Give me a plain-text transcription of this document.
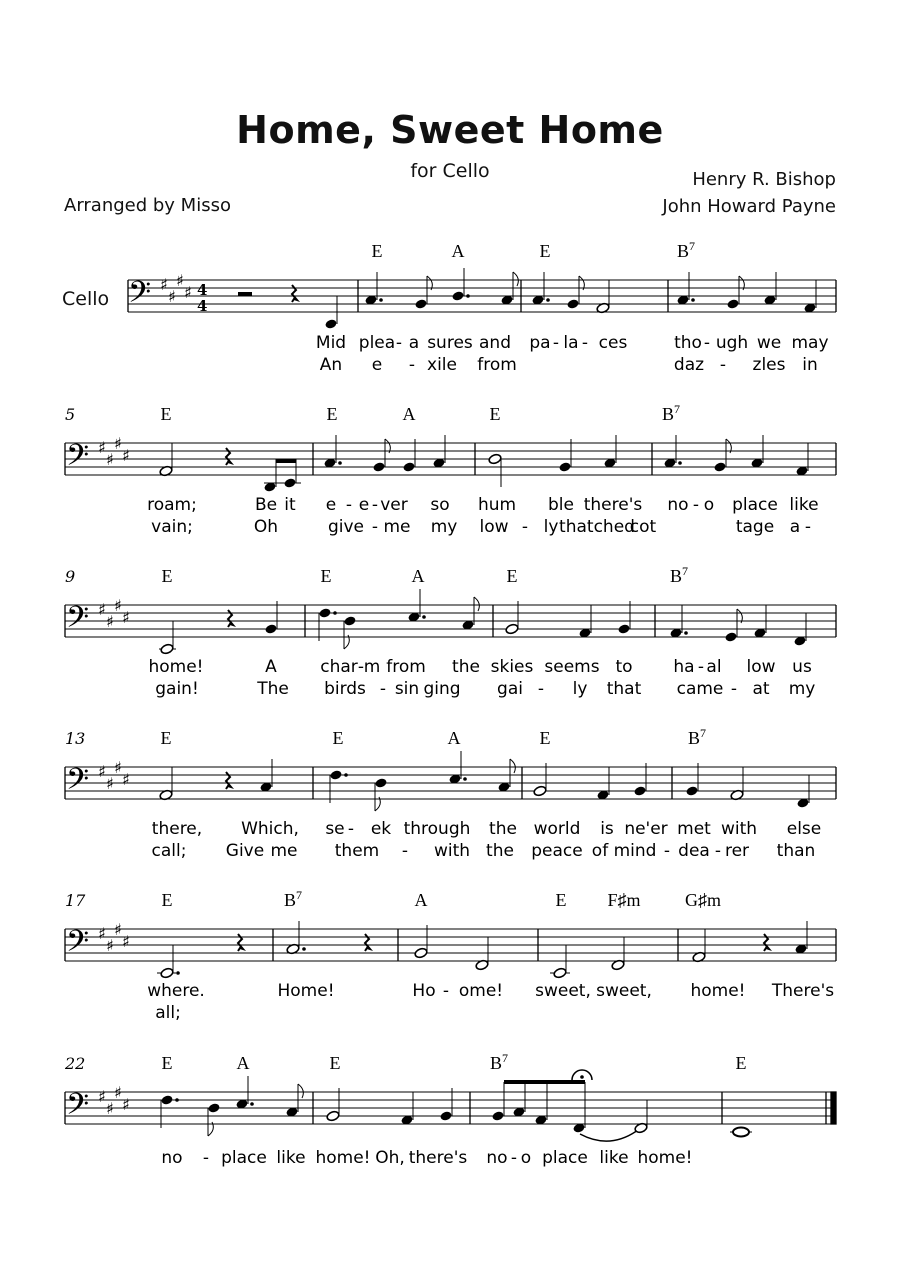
Home, Sweet Home
for Cello	Henry R. Bishop
John Howard Payne
Arranged by Misso
Cello 𝄢 ♯
♯
♯
♯ 4
4
E	A	E	$B^7$
Mid plea - a sures and pa - la - ces	tho - ugh we may
An e - xile from	daz - zles in
𝄢 ♯
♯
♯
♯
5	E	E	A	E	$B^7$
roam;	Be it e - e - ver so hum ble there's no - o place like
vain;	Oh	give - me my low - ly thatched
cot	tage a -
𝄢 ♯
♯
♯
♯
9	E	E	A	E	$B^7$
home!	A	char - m from the skies seems to ha - al low us
gain!	The birds - sin ging gai - ly that came - at my
𝄢 ♯
♯
♯
♯
13	E	E	A	E	$B^7$
there, Which, se - ek through the world is ne'er met with else
call; Give me them - with the peace of mind - dea - rer than
𝄢 ♯
♯
♯
♯
17	E	$B^7$	A	E F♯m G♯m
where.	Home!	Ho - ome! sweet, sweet, home! There's
all;
𝄢 ♯
♯
♯
♯
22	E	A	E	$B^7$	E
no - place like home! Oh, there's no - o place like home!
